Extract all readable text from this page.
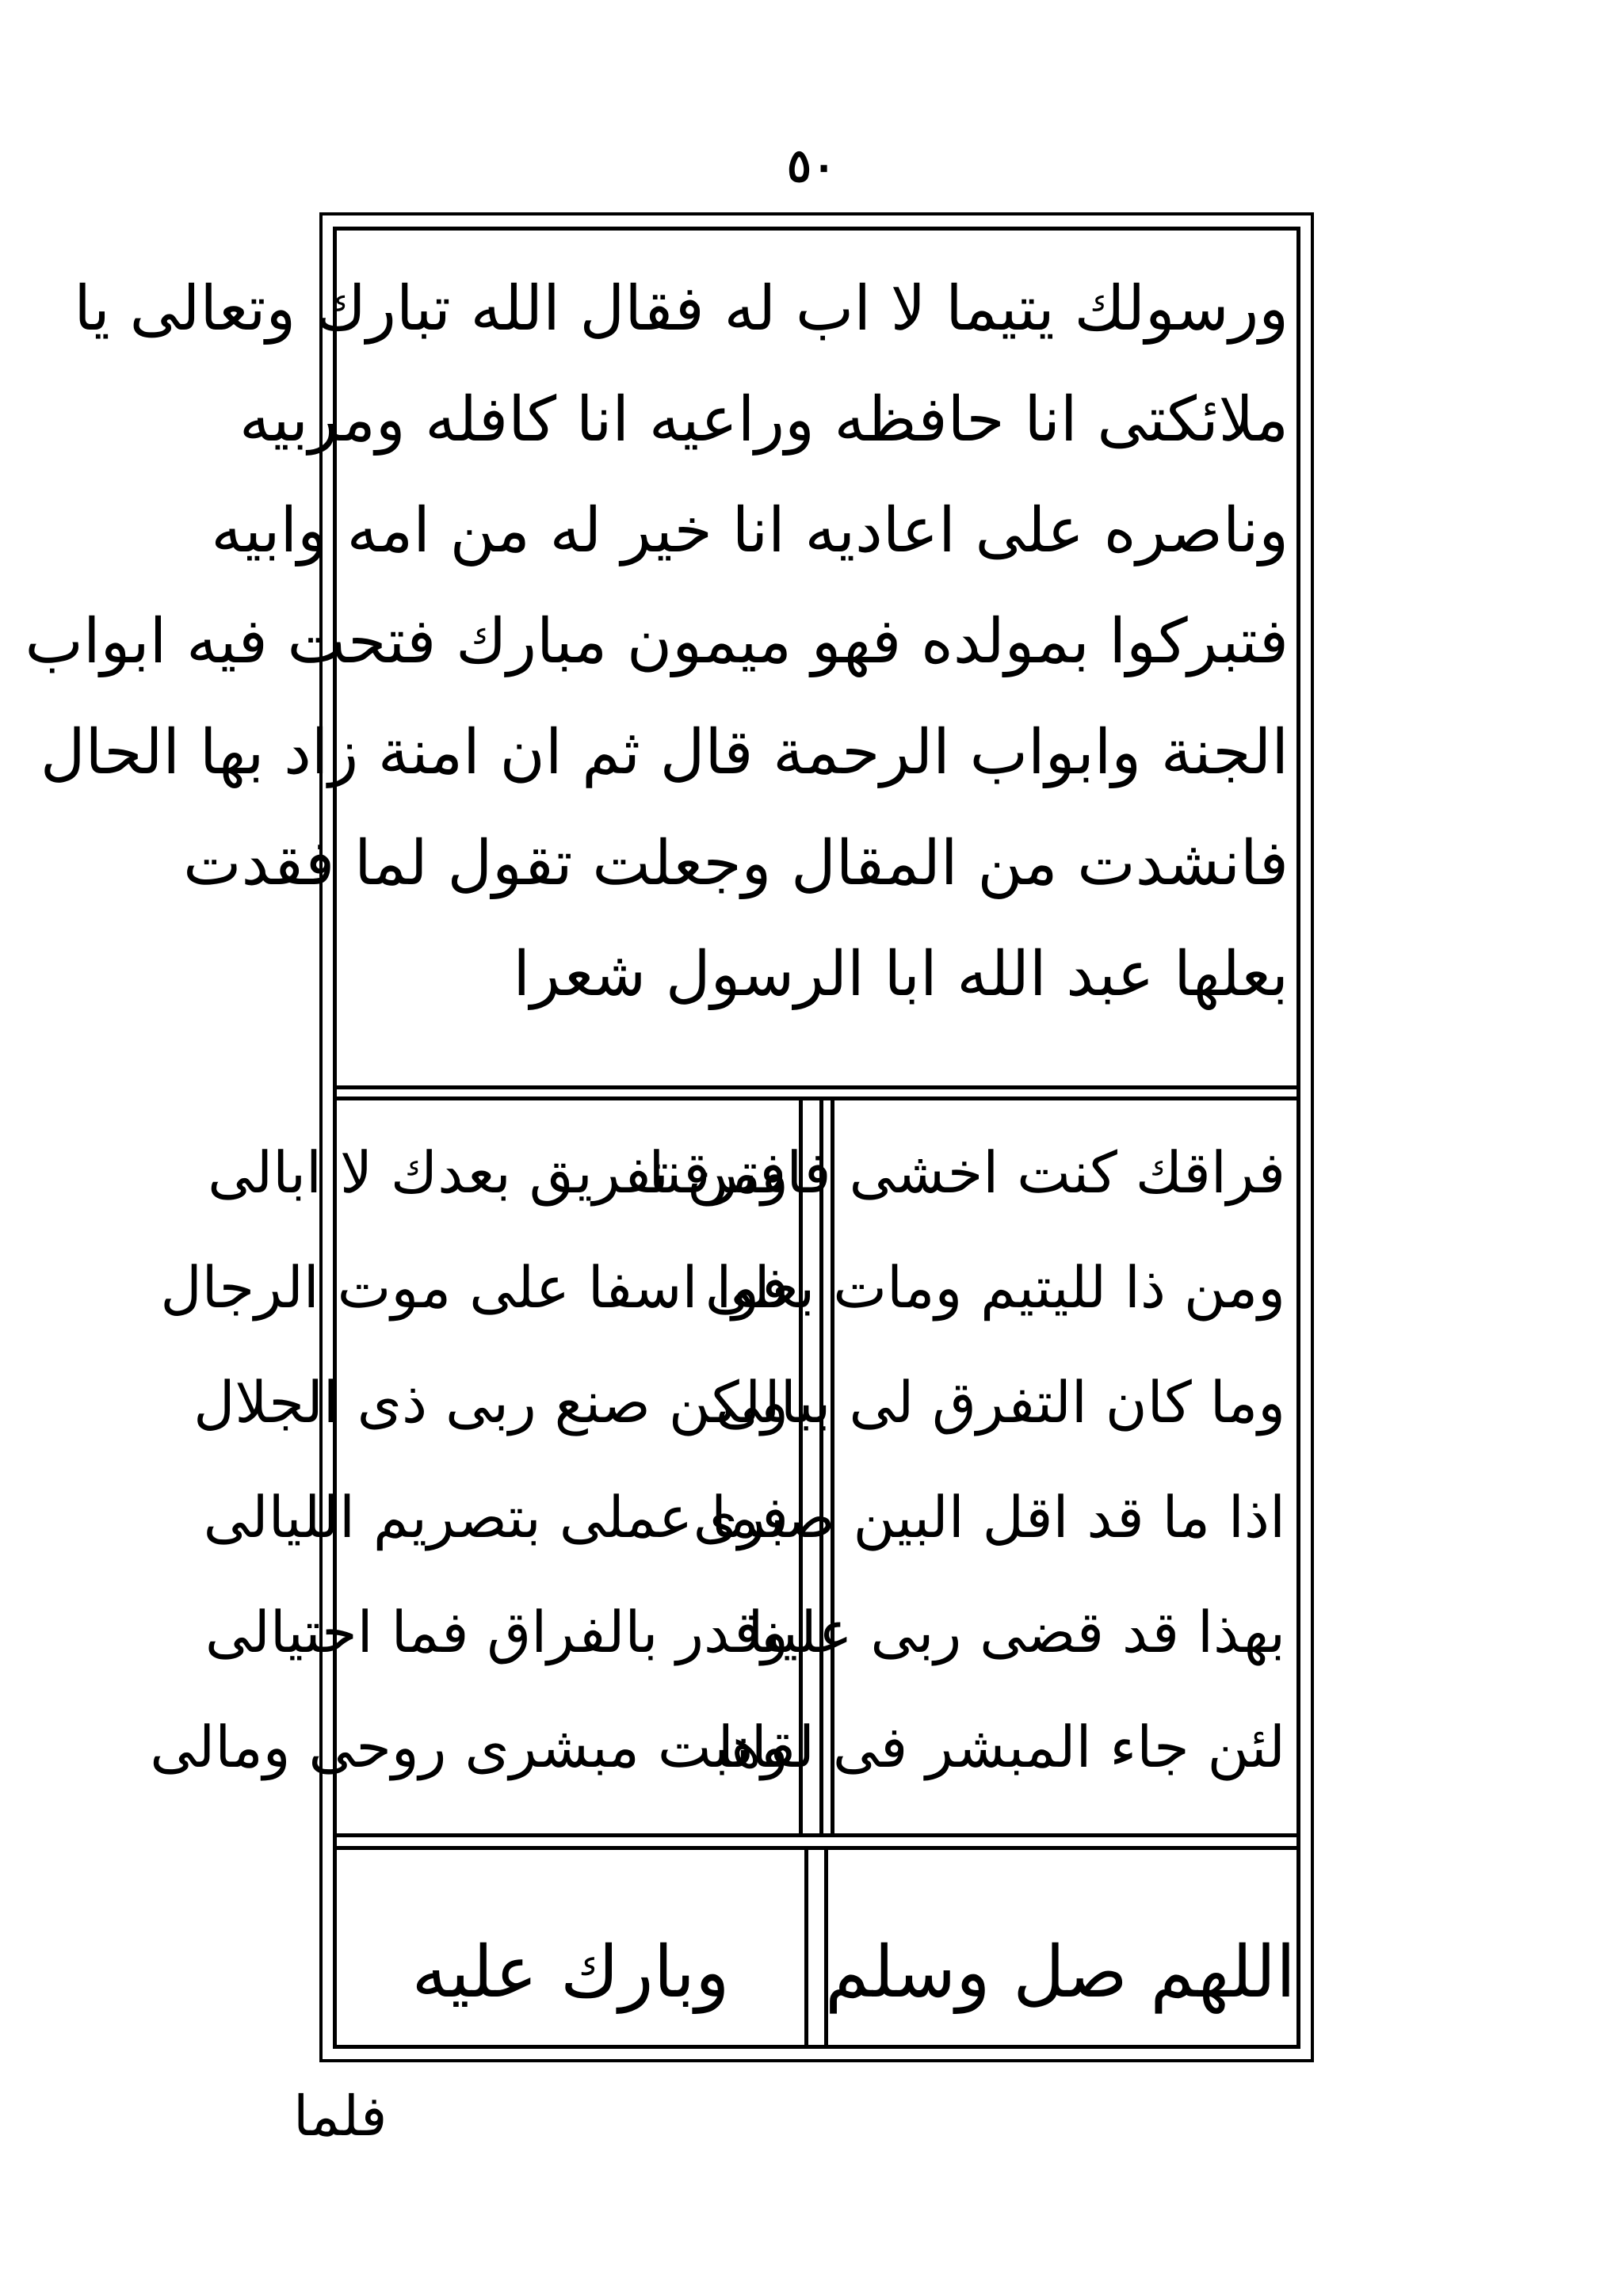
٥٠
ورسولك يتيما لا اب له فقال الله تبارك وتعالى يا
ملائكتى انا حافظه وراعيه انا كافله ومربيه
وناصره على اعاديه انا خير له من امه وابيه
فتبركوا بمولده فهو ميمون مبارك فتحت فيه ابواب
الجنة وابواب الرحمة قال ثم ان امنة زاد بها الحال
فانشدت من المقال وجعلت تقول لما فقدت
بعلها عبد الله ابا الرسول شعرا
فراقك كنت اخشى فافترقنا
ومن تفريق بعدك لا ابالى
ومن ذا لليتيم ومات بعلى
فوا اسفا على موت الرجال
وما كان التفرق لى ببالى
ولكن صنع ربى ذى الجلال
اذا ما قد اقل البين صبرى
فما عملى بتصريم الليالى
بهذا قد قضى ربى علينا
وقدر بالفراق فما احتيالى
لئن جاء المبشر فى لقانا
وهبت مبشرى روحى ومالى
اللهم صل وسلم
وبارك عليه
فلما
